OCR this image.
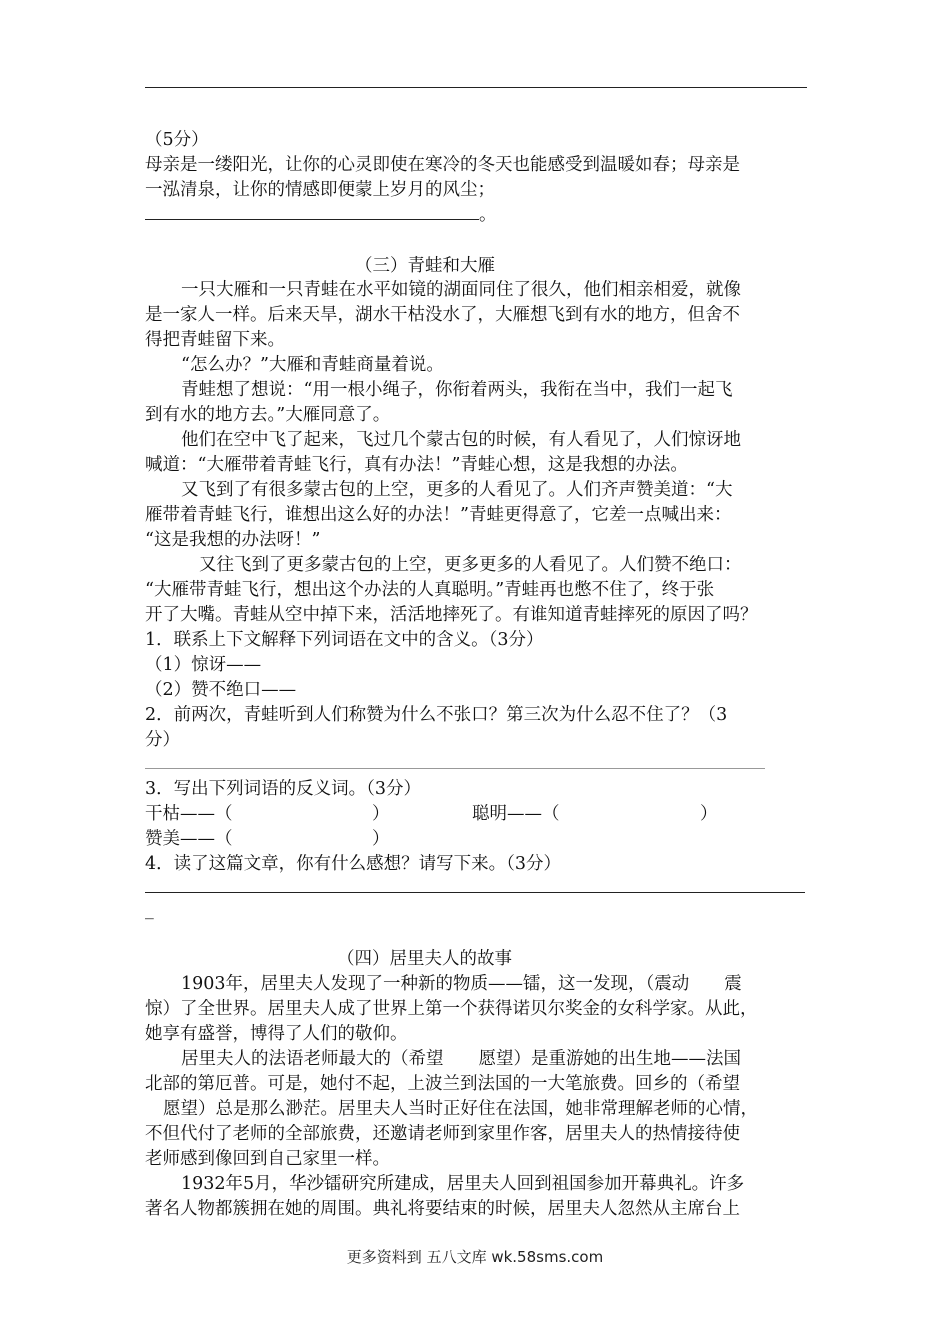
（5分）
母亲是一缕阳光，让你的心灵即使在寒冷的冬天也能感受到温暖如春；母亲是
一泓清泉，让你的情感即便蒙上岁月的风尘；
。
（三）青蛙和大雁
一只大雁和一只青蛙在水平如镜的湖面同住了很久，他们相亲相爱，就像
是一家人一样。后来天旱，湖水干枯没水了，大雁想飞到有水的地方，但舍不
得把青蛙留下来。
“怎么办？”大雁和青蛙商量着说。
青蛙想了想说：“用一根小绳子，你衔着两头，我衔在当中，我们一起飞
到有水的地方去。”大雁同意了。
他们在空中飞了起来，飞过几个蒙古包的时候，有人看见了，人们惊讶地
喊道：“大雁带着青蛙飞行，真有办法！”青蛙心想，这是我想的办法。
又飞到了有很多蒙古包的上空，更多的人看见了。人们齐声赞美道：“大
雁带着青蛙飞行，谁想出这么好的办法！”青蛙更得意了，它差一点喊出来：
“这是我想的办法呀！”
又往飞到了更多蒙古包的上空，更多更多的人看见了。人们赞不绝口：
“大雁带青蛙飞行，想出这个办法的人真聪明。”青蛙再也憋不住了，终于张
开了大嘴。青蛙从空中掉下来，活活地摔死了。有谁知道青蛙摔死的原因了吗？
1．联系上下文解释下列词语在文中的含义。（3分）
（1）惊讶——
（2）赞不绝口——
2．前两次，青蛙听到人们称赞为什么不张口？第三次为什么忍不住了？（3
分）
3．写出下列词语的反义词。（3分）
干枯——（	）	聪明——（	）
赞美——（	）
4．读了这篇文章，你有什么感想？请写下来。（3分）
_
（四）居里夫人的故事
1903年，居里夫人发现了一种新的物质——镭，这一发现，（震动　　震
惊）了全世界。居里夫人成了世界上第一个获得诺贝尔奖金的女科学家。从此，
她享有盛誉，博得了人们的敬仰。
居里夫人的法语老师最大的（希望　　愿望）是重游她的出生地——法国
北部的第厄普。可是，她付不起，上波兰到法国的一大笔旅费。回乡的（希望
愿望）总是那么渺茫。居里夫人当时正好住在法国，她非常理解老师的心情，
不但代付了老师的全部旅费，还邀请老师到家里作客，居里夫人的热情接待使
老师感到像回到自己家里一样。
1932年5月，华沙镭研究所建成，居里夫人回到祖国参加开幕典礼。许多
著名人物都簇拥在她的周围。典礼将要结束的时候，居里夫人忽然从主席台上
更多资料到 五八文库 wk.58sms.com
